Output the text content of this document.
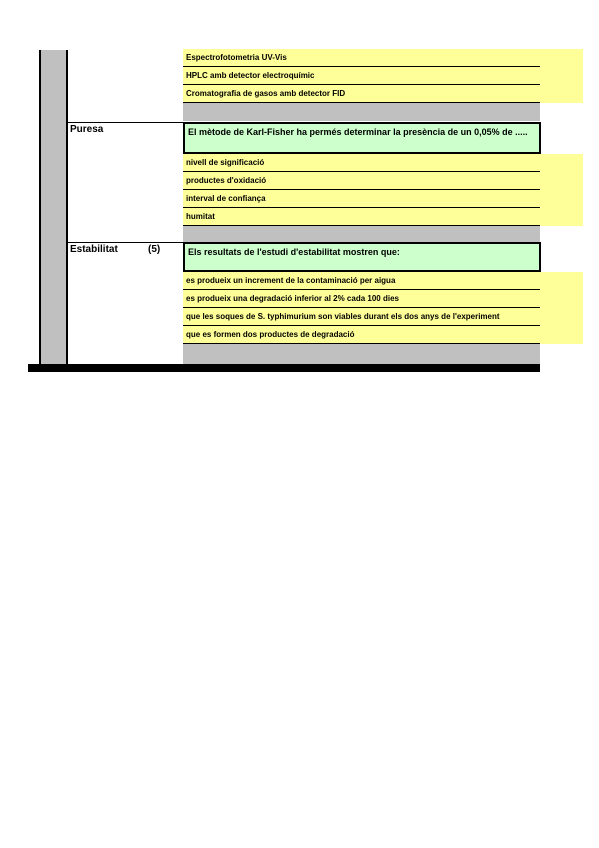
Espectrofotometria UV-Vis
HPLC amb detector electroquímic
Cromatografia de gasos amb detector FID
Puresa	El mètode de Karl-Fisher ha permés determinar la presència de un 0,05% de .....
nivell de significació
productes d'oxidació
interval de confiança
humitat
Estabilitat	(5)	Els resultats de l'estudi d'estabilitat mostren que:
es produeix un increment de la contaminació per aigua
es produeix una degradació inferior al 2% cada 100 dies
que les soques de S. typhimurium son viables durant els dos anys de l'experiment
que es formen dos productes de degradació
